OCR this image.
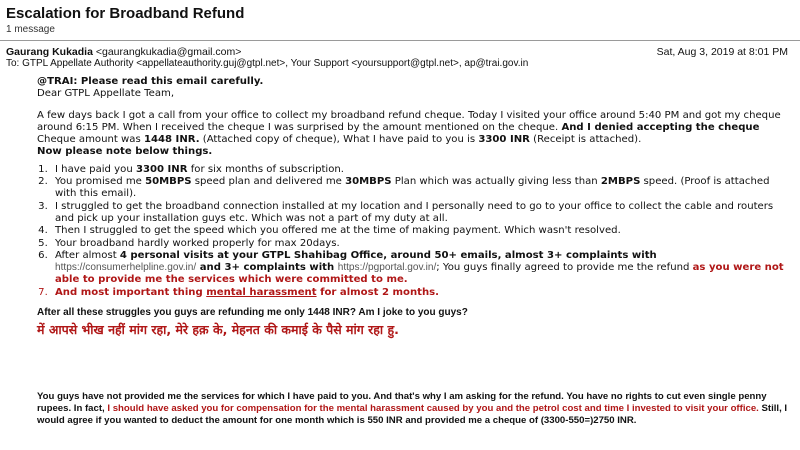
Escalation for Broadband Refund
1 message
Gaurang Kukadia <gaurangkukadia@gmail.com>	Sat, Aug 3, 2019 at 8:01 PM
To: GTPL Appellate Authority <appellateauthority.guj@gtpl.net>, Your Support <yoursupport@gtpl.net>, ap@trai.gov.in

@TRAI: Please read this email carefully.

Dear GTPL Appellate Team,

A few days back I got a call from your office to collect my broadband refund cheque. Today I visited your office around 5:40 PM and got my cheque around 6:15 PM. When I received the cheque I was surprised by the amount mentioned on the cheque. And I denied accepting the cheque

Cheque amount was 1448 INR. (Attached copy of cheque), What I have paid to you is 3300 INR (Receipt is attached).

Now please note below things.

1. I have paid you 3300 INR for six months of subscription.
2. You promised me 50MBPS speed plan and delivered me 30MBPS Plan which was actually giving less than 2MBPS speed. (Proof is attached with this email).
3. I struggled to get the broadband connection installed at my location and I personally need to go to your office to collect the cable and routers and pick up your installation guys etc. Which was not a part of my duty at all.
4. Then I struggled to get the speed which you offered me at the time of making payment. Which wasn't resolved.
5. Your broadband hardly worked properly for max 20days.
6. After almost 4 personal visits at your GTPL Shahibag Office, around 50+ emails, almost 3+ complaints with https://consumerhelpline.gov.in/ and 3+ complaints with https://pgportal.gov.in/; You guys finally agreed to provide me the refund as you were not able to provide me the services which were committed to me.
7. And most important thing mental harassment for almost 2 months.

After all these struggles you guys are refunding me only 1448 INR? Am I joke to you guys?

में आपसे भीख नहीं मांग रहा, मेरे हक़ के, मेहनत की कमाई के पैसे मांग रहा हु.

You guys have not provided me the services for which I have paid to you. And that's why I am asking for the refund. You have no rights to cut even single penny rupees. In fact, I should have asked you for compensation for the mental harassment caused by you and the petrol cost and time I invested to visit your office. Still, I would agree if you wanted to deduct the amount for one month which is 550 INR and provided me a cheque of (3300-550=)2750 INR.
